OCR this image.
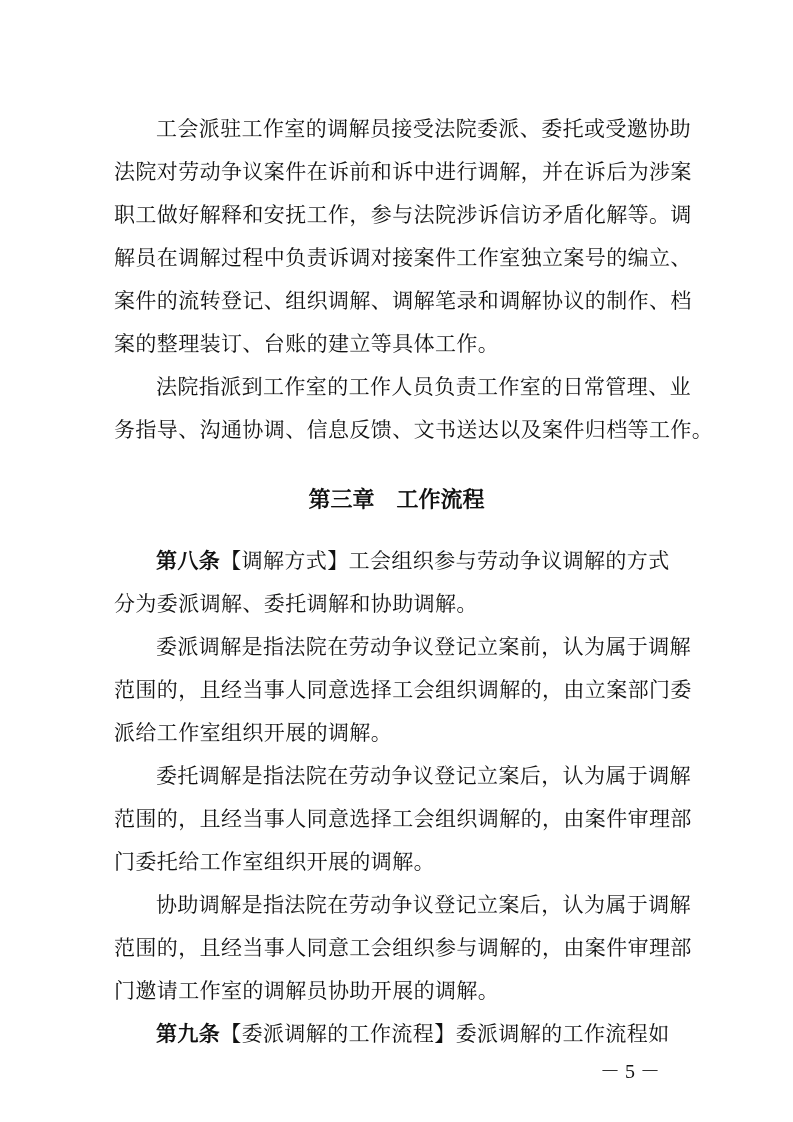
工会派驻工作室的调解员接受法院委派、委托或受邀协助
法院对劳动争议案件在诉前和诉中进行调解，并在诉后为涉案
职工做好解释和安抚工作，参与法院涉诉信访矛盾化解等。调
解员在调解过程中负责诉调对接案件工作室独立案号的编立、
案件的流转登记、组织调解、调解笔录和调解协议的制作、档
案的整理装订、台账的建立等具体工作。
法院指派到工作室的工作人员负责工作室的日常管理、业
务指导、沟通协调、信息反馈、文书送达以及案件归档等工作。
第三章　工作流程
第八条【调解方式】工会组织参与劳动争议调解的方式
分为委派调解、委托调解和协助调解。
委派调解是指法院在劳动争议登记立案前，认为属于调解
范围的，且经当事人同意选择工会组织调解的，由立案部门委
派给工作室组织开展的调解。
委托调解是指法院在劳动争议登记立案后，认为属于调解
范围的，且经当事人同意选择工会组织调解的，由案件审理部
门委托给工作室组织开展的调解。
协助调解是指法院在劳动争议登记立案后，认为属于调解
范围的，且经当事人同意工会组织参与调解的，由案件审理部
门邀请工作室的调解员协助开展的调解。
第九条【委派调解的工作流程】委派调解的工作流程如
－ 5 －
